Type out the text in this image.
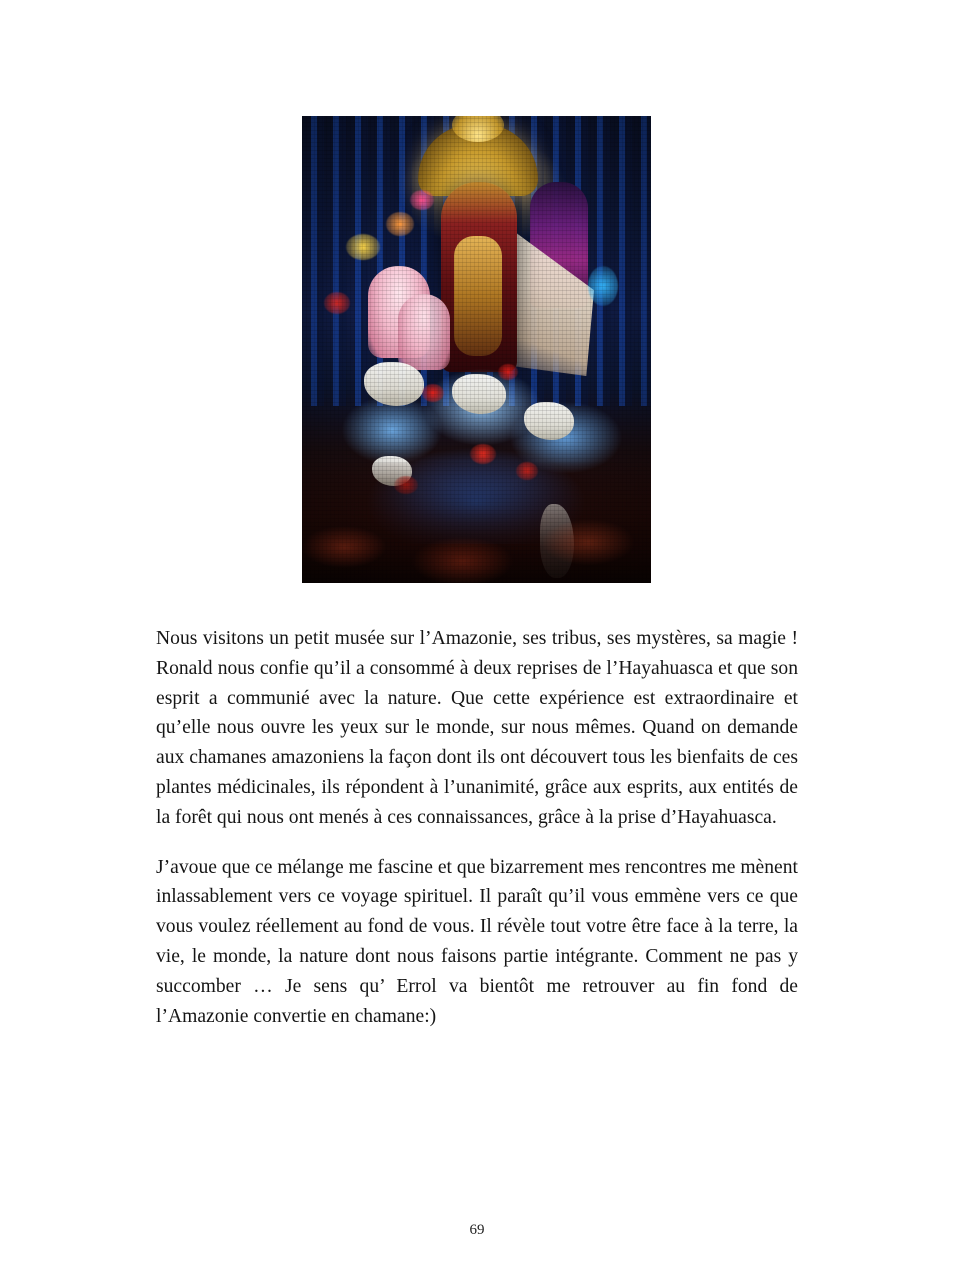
Nous visitons un petit musée sur l’Amazonie, ses tribus, ses mystères, sa magie ! Ronald nous confie qu’il a consommé à deux reprises de l’Hayahuasca et que son esprit a communié avec la nature. Que cette expérience est extraordinaire et qu’elle nous ouvre les yeux sur le monde, sur nous mêmes. Quand on demande aux chamanes amazoniens la façon dont ils ont découvert tous les bienfaits de ces plantes médicinales, ils répondent à l’unanimité, grâce aux esprits, aux entités de la forêt qui nous ont menés à ces connaissances, grâce à la prise d’Hayahuasca.

J’avoue que ce mélange me fascine et que bizarrement mes rencontres me mènent inlassablement vers ce voyage spirituel. Il paraît qu’il vous emmène vers ce que vous voulez réellement au fond de vous. Il révèle tout votre être face à la terre, la vie, le monde, la nature dont nous faisons partie intégrante. Comment ne pas y succomber … Je sens qu’ Errol va bientôt me retrouver au fin fond de l’Amazonie convertie en chamane:)

69
